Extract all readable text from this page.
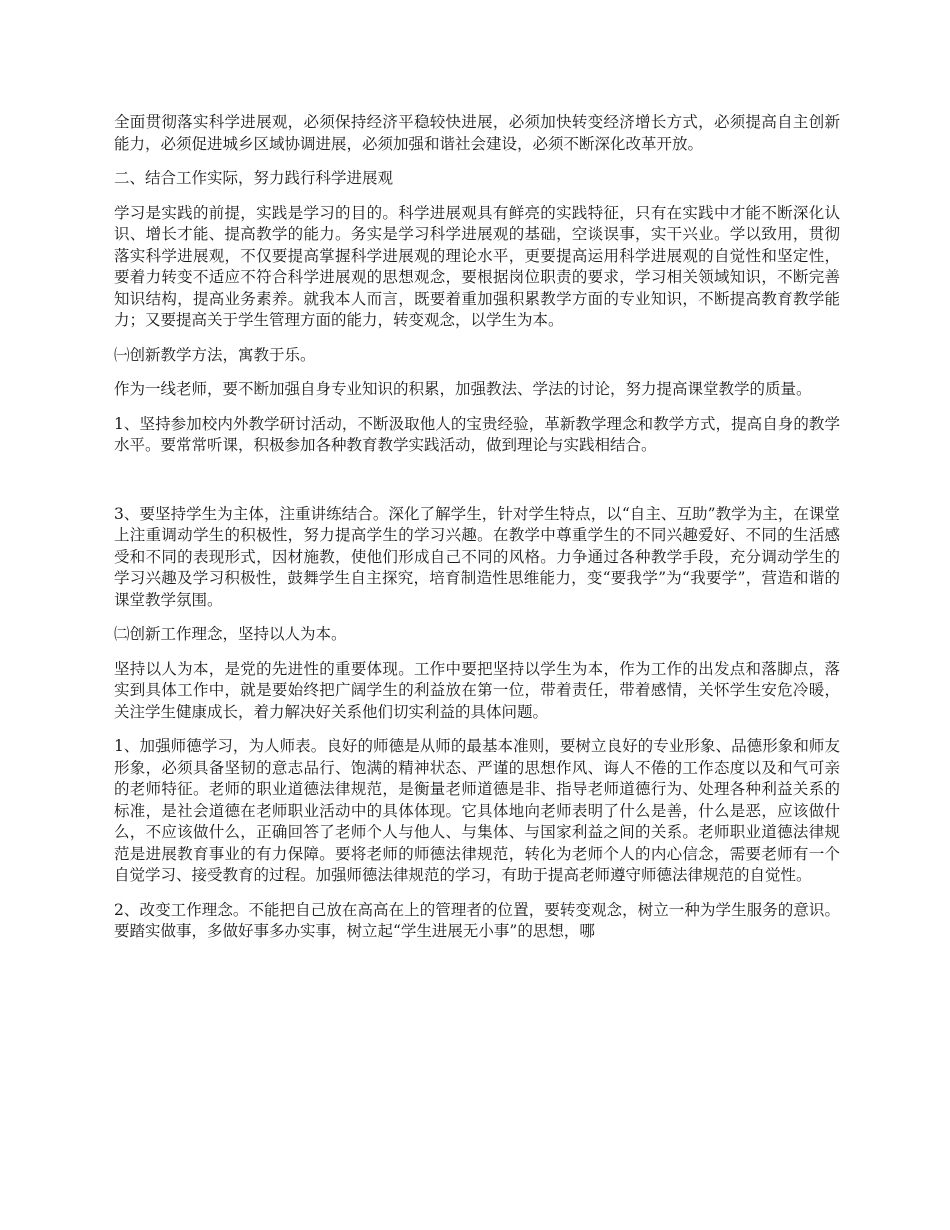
全面贯彻落实科学进展观，必须保持经济平稳较快进展，必须加快转变经济增长方式，必须提高自主创新能力，必须促进城乡区域协调进展，必须加强和谐社会建设，必须不断深化改革开放。

二、结合工作实际，努力践行科学进展观

学习是实践的前提，实践是学习的目的。科学进展观具有鲜亮的实践特征，只有在实践中才能不断深化认识、增长才能、提高教学的能力。务实是学习科学进展观的基础，空谈误事，实干兴业。学以致用，贯彻落实科学进展观，不仅要提高掌握科学进展观的理论水平，更要提高运用科学进展观的自觉性和坚定性，要着力转变不适应不符合科学进展观的思想观念，要根据岗位职责的要求，学习相关领域知识，不断完善知识结构，提高业务素养。就我本人而言，既要着重加强积累教学方面的专业知识，不断提高教育教学能力；又要提高关于学生管理方面的能力，转变观念，以学生为本。

㈠创新教学方法，寓教于乐。

作为一线老师，要不断加强自身专业知识的积累，加强教法、学法的讨论，努力提高课堂教学的质量。

1、坚持参加校内外教学研讨活动，不断汲取他人的宝贵经验，革新教学理念和教学方式，提高自身的教学水平。要常常听课，积极参加各种教育教学实践活动，做到理论与实践相结合。

3、要坚持学生为主体，注重讲练结合。深化了解学生，针对学生特点，以“自主、互助”教学为主，在课堂上注重调动学生的积极性，努力提高学生的学习兴趣。在教学中尊重学生的不同兴趣爱好、不同的生活感受和不同的表现形式，因材施教，使他们形成自己不同的风格。力争通过各种教学手段，充分调动学生的学习兴趣及学习积极性，鼓舞学生自主探究，培育制造性思维能力，变“要我学”为“我要学”，营造和谐的课堂教学氛围。

㈡创新工作理念，坚持以人为本。

坚持以人为本，是党的先进性的重要体现。工作中要把坚持以学生为本，作为工作的出发点和落脚点，落实到具体工作中，就是要始终把广阔学生的利益放在第一位，带着责任，带着感情，关怀学生安危冷暖，关注学生健康成长，着力解决好关系他们切实利益的具体问题。

1、加强师德学习，为人师表。良好的师德是从师的最基本准则，要树立良好的专业形象、品德形象和师友形象，必须具备坚韧的意志品行、饱满的精神状态、严谨的思想作风、诲人不倦的工作态度以及和气可亲的老师特征。老师的职业道德法律规范，是衡量老师道德是非、指导老师道德行为、处理各种利益关系的标准，是社会道德在老师职业活动中的具体体现。它具体地向老师表明了什么是善，什么是恶，应该做什么，不应该做什么，正确回答了老师个人与他人、与集体、与国家利益之间的关系。老师职业道德法律规范是进展教育事业的有力保障。要将老师的师德法律规范，转化为老师个人的内心信念，需要老师有一个自觉学习、接受教育的过程。加强师德法律规范的学习，有助于提高老师遵守师德法律规范的自觉性。

2、改变工作理念。不能把自己放在高高在上的管理者的位置，要转变观念，树立一种为学生服务的意识。要踏实做事，多做好事多办实事，树立起“学生进展无小事”的思想，哪
